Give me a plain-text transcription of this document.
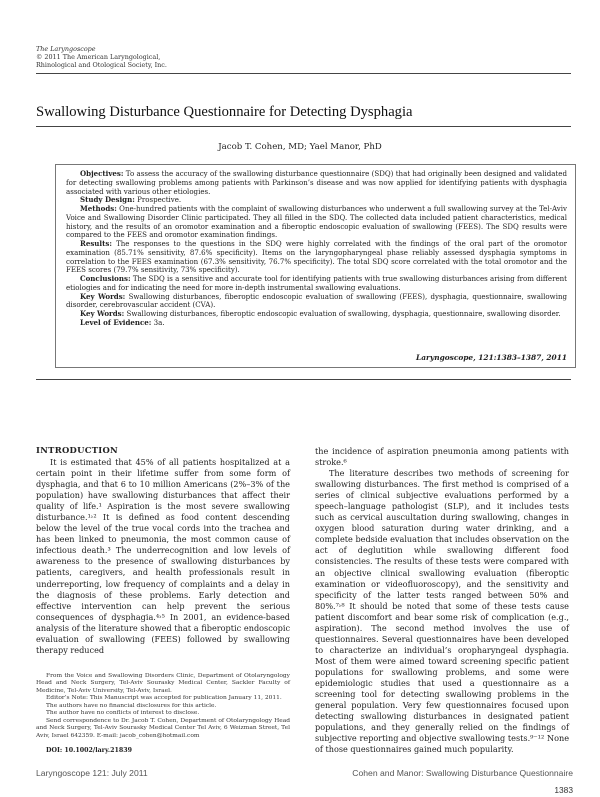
The Laryngoscope
© 2011 The American Laryngological,
Rhinological and Otological Society, Inc.
Swallowing Disturbance Questionnaire for Detecting Dysphagia
Jacob T. Cohen, MD; Yael Manor, PhD

Objectives: To assess the accuracy of the swallowing disturbance questionnaire (SDQ) that had originally been designed and validated for detecting swallowing problems among patients with Parkinson’s disease and was now applied for identifying patients with dysphagia associated with various other etiologies.

Study Design: Prospective.

Methods: One-hundred patients with the complaint of swallowing disturbances who underwent a full swallowing survey at the Tel-Aviv Voice and Swallowing Disorder Clinic participated. They all filled in the SDQ. The collected data included patient characteristics, medical history, and the results of an oromotor examination and a fiberoptic endoscopic evaluation of swallowing (FEES). The SDQ results were compared to the FEES and oromotor examination findings.

Results: The responses to the questions in the SDQ were highly correlated with the findings of the oral part of the oromotor examination (85.71% sensitivity, 87.6% specificity). Items on the laryngopharyngeal phase reliably assessed dysphagia symptoms in correlation to the FEES examination (67.3% sensitivity, 76.7% specificity). The total SDQ score correlated with the total oromotor and the FEES scores (79.7% sensitivity, 73% specificity).

Conclusions: The SDQ is a sensitive and accurate tool for identifying patients with true swallowing disturbances arising from different etiologies and for indicating the need for more in-depth instrumental swallowing evaluations.

Key Words: Swallowing disturbances, fiberoptic endoscopic evaluation of swallowing (FEES), dysphagia, questionnaire, swallowing disorder, cerebrovascular accident (CVA).

Key Words: Swallowing disturbances, fiberoptic endoscopic evaluation of swallowing, dysphagia, questionnaire, swallowing disorder.

Level of Evidence: 3a.

Laryngoscope, 121:1383–1387, 2011
INTRODUCTION

It is estimated that 45% of all patients hospitalized at a certain point in their lifetime suffer from some form of dysphagia, and that 6 to 10 million Americans (2%–3% of the population) have swallowing disturbances that affect their quality of life.¹ Aspiration is the most severe swallowing disturbance.¹˒² It is defined as food content descending below the level of the true vocal cords into the trachea and has been linked to pneumonia, the most common cause of infectious death.³ The underrecognition and low levels of awareness to the presence of swallowing disturbances by patients, caregivers, and health professionals result in underreporting, low frequency of complaints and a delay in the diagnosis of these problems. Early detection and effective intervention can help prevent the serious consequences of dysphagia.⁴˒⁵ In 2001, an evidence-based analysis of the literature showed that a fiberoptic endoscopic evaluation of swallowing (FEES) followed by swallowing therapy reduced

From the Voice and Swallowing Disorders Clinic, Department of Otolaryngology Head and Neck Surgery, Tel-Aviv Sourasky Medical Center, Sackler Faculty of Medicine, Tel-Aviv University, Tel-Aviv, Israel.

Editor’s Note: This Manuscript was accepted for publication January 11, 2011.

The authors have no financial disclosures for this article.

The author have no conflicts of interest to disclose.

Send correspondence to Dr. Jacob T. Cohen, Department of Otolaryngology Head and Neck Surgery, Tel-Aviv Sourasky Medical Center Tel Aviv, 6 Weizman Street, Tel Aviv, Israel 642359. E-mail: jacob_cohen@hotmail.com

DOI: 10.1002/lary.21839

the incidence of aspiration pneumonia among patients with stroke.⁶

The literature describes two methods of screening for swallowing disturbances. The first method is comprised of a series of clinical subjective evaluations performed by a speech–language pathologist (SLP), and it includes tests such as cervical auscultation during swallowing, changes in oxygen blood saturation during water drinking, and a complete bedside evaluation that includes observation on the act of deglutition while swallowing different food consistencies. The results of these tests were compared with an objective clinical swallowing evaluation (fiberoptic examination or videofluoroscopy), and the sensitivity and specificity of the latter tests ranged between 50% and 80%.⁷˒⁸ It should be noted that some of these tests cause patient discomfort and bear some risk of complication (e.g., aspiration). The second method involves the use of questionnaires. Several questionnaires have been developed to characterize an individual’s oropharyngeal dysphagia. Most of them were aimed toward screening specific patient populations for swallowing problems, and some were epidemiologic studies that used a questionnaire as a screening tool for detecting swallowing problems in the general population. Very few questionnaires focused upon detecting swallowing disturbances in designated patient populations, and they generally relied on the findings of subjective reporting and objective swallowing tests.⁹⁻¹² None of those questionnaires gained much popularity.

Laryngoscope 121: July 2011	Cohen and Manor: Swallowing Disturbance Questionnaire
1383
